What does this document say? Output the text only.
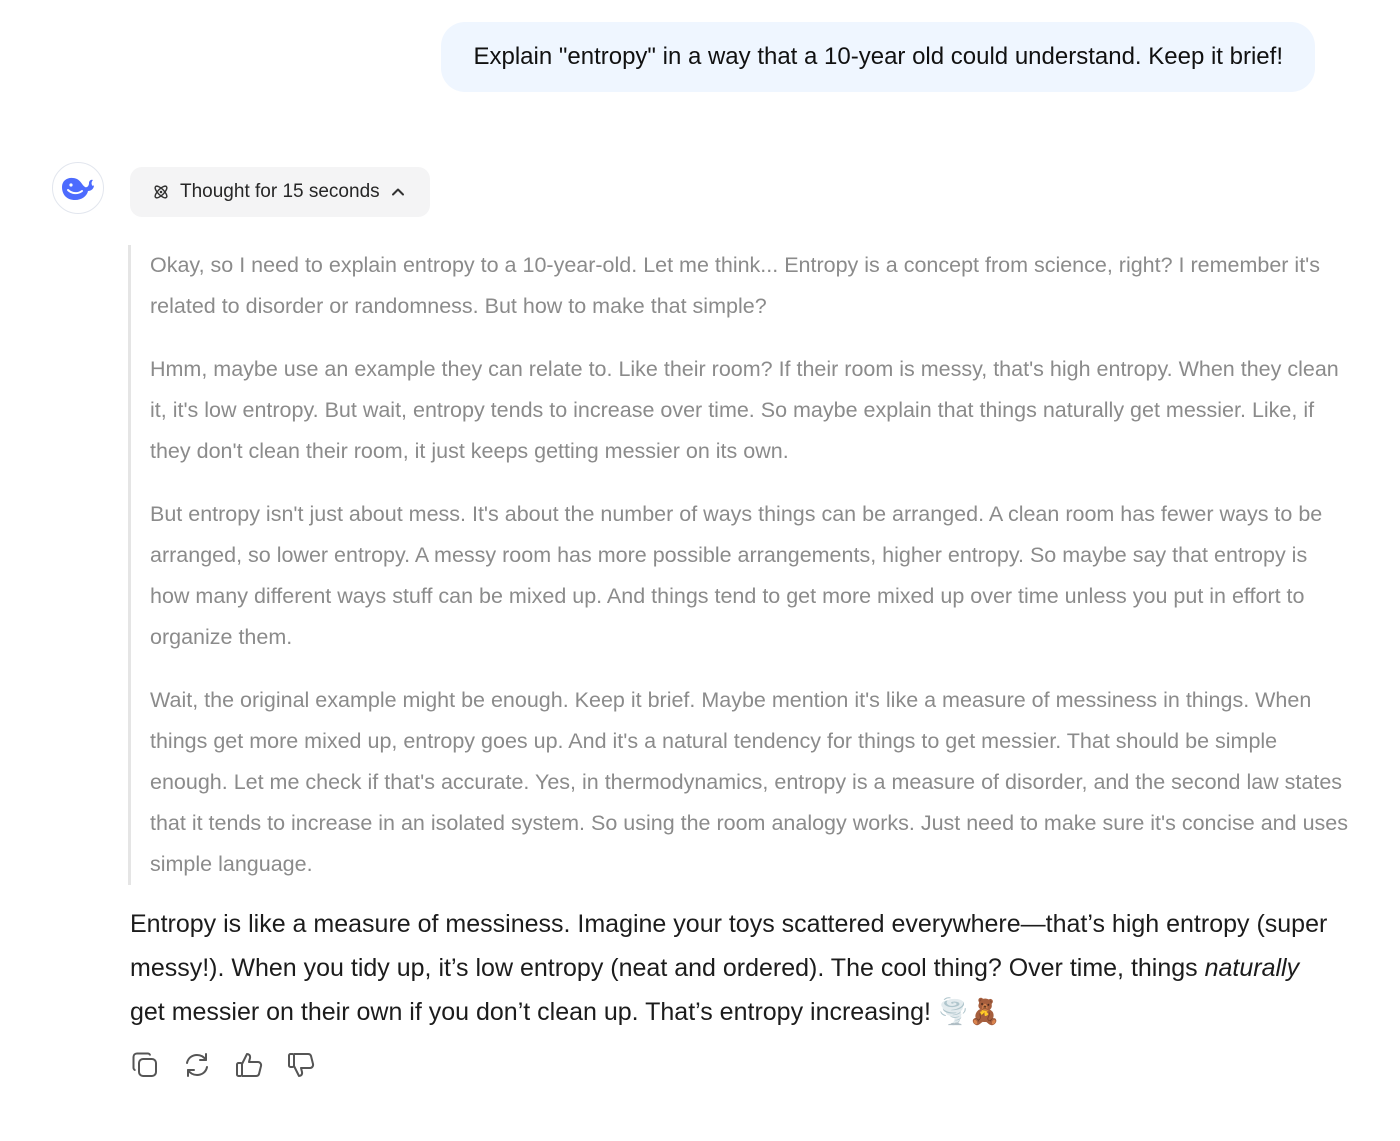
Explain "entropy" in a way that a 10-year old could understand. Keep it brief!
Thought for 15 seconds

Okay, so I need to explain entropy to a 10-year-old. Let me think... Entropy is a concept from science, right? I remember it's related to disorder or randomness. But how to make that simple?

Hmm, maybe use an example they can relate to. Like their room? If their room is messy, that's high entropy. When they clean it, it's low entropy. But wait, entropy tends to increase over time. So maybe explain that things naturally get messier. Like, if they don't clean their room, it just keeps getting messier on its own.

But entropy isn't just about mess. It's about the number of ways things can be arranged. A clean room has fewer ways to be arranged, so lower entropy. A messy room has more possible arrangements, higher entropy. So maybe say that entropy is how many different ways stuff can be mixed up. And things tend to get more mixed up over time unless you put in effort to organize them.

Wait, the original example might be enough. Keep it brief. Maybe mention it's like a measure of messiness in things. When things get more mixed up, entropy goes up. And it's a natural tendency for things to get messier. That should be simple enough. Let me check if that's accurate. Yes, in thermodynamics, entropy is a measure of disorder, and the second law states that it tends to increase in an isolated system. So using the room analogy works. Just need to make sure it's concise and uses simple language.

Entropy is like a measure of messiness. Imagine your toys scattered everywhere—that’s high entropy (super messy!). When you tidy up, it’s low entropy (neat and ordered). The cool thing? Over time, things naturally get messier on their own if you don’t clean up. That’s entropy increasing! 🌪️🧸
